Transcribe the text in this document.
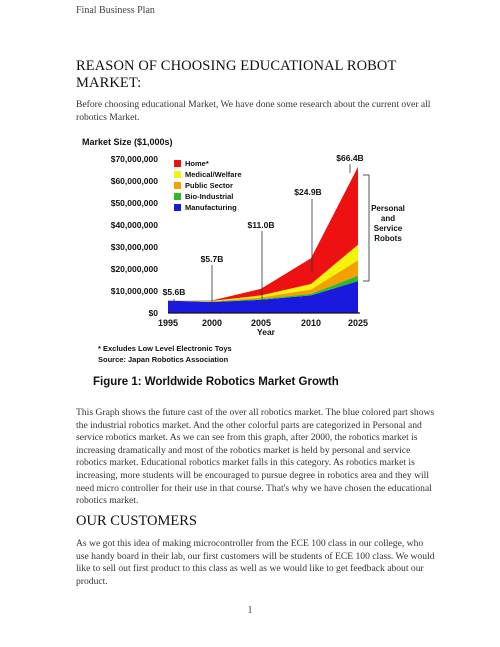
Final Business Plan
REASON OF CHOOSING EDUCATIONAL ROBOT MARKET:
Before choosing educational Market, We have done some research about the current over all robotics Market.
Market Size ($1,000s)
$0
$10,000,000
$20,000,000
$30,000,000
$40,000,000
$50,000,000
$60,000,000
$70,000,000
1995	2000	2005	2010	2025
Year
$5.6B
$5.7B
$11.0B
$24.9B
$66.4B
Home*
Medical/Welfare
Public Sector
Bio-Industrial
Manufacturing	Personal
and
Service
Robots
* Excludes Low Level Electronic Toys
Source: Japan Robotics Association
Figure 1: Worldwide Robotics Market Growth
This Graph shows the future cast of the over all robotics market. The blue colored part shows the industrial robotics market. And the other colorful parts are categorized in Personal and service robotics market. As we can see from this graph, after 2000, the robotics market is increasing dramatically and most of the robotics market is held by personal and service robotics market. Educational robotics market falls in this category. As robotics market is increasing, more students will be encouraged to pursue degree in robotics area and they will need micro controller for their use in that course. That's why we have chosen the educational robotics market.
OUR CUSTOMERS
As we got this idea of making microcontroller from the ECE 100 class in our college, who use handy board in their lab, our first customers will be students of ECE 100 class. We would like to sell out first product to this class as well as we would like to get feedback about our product.
1
